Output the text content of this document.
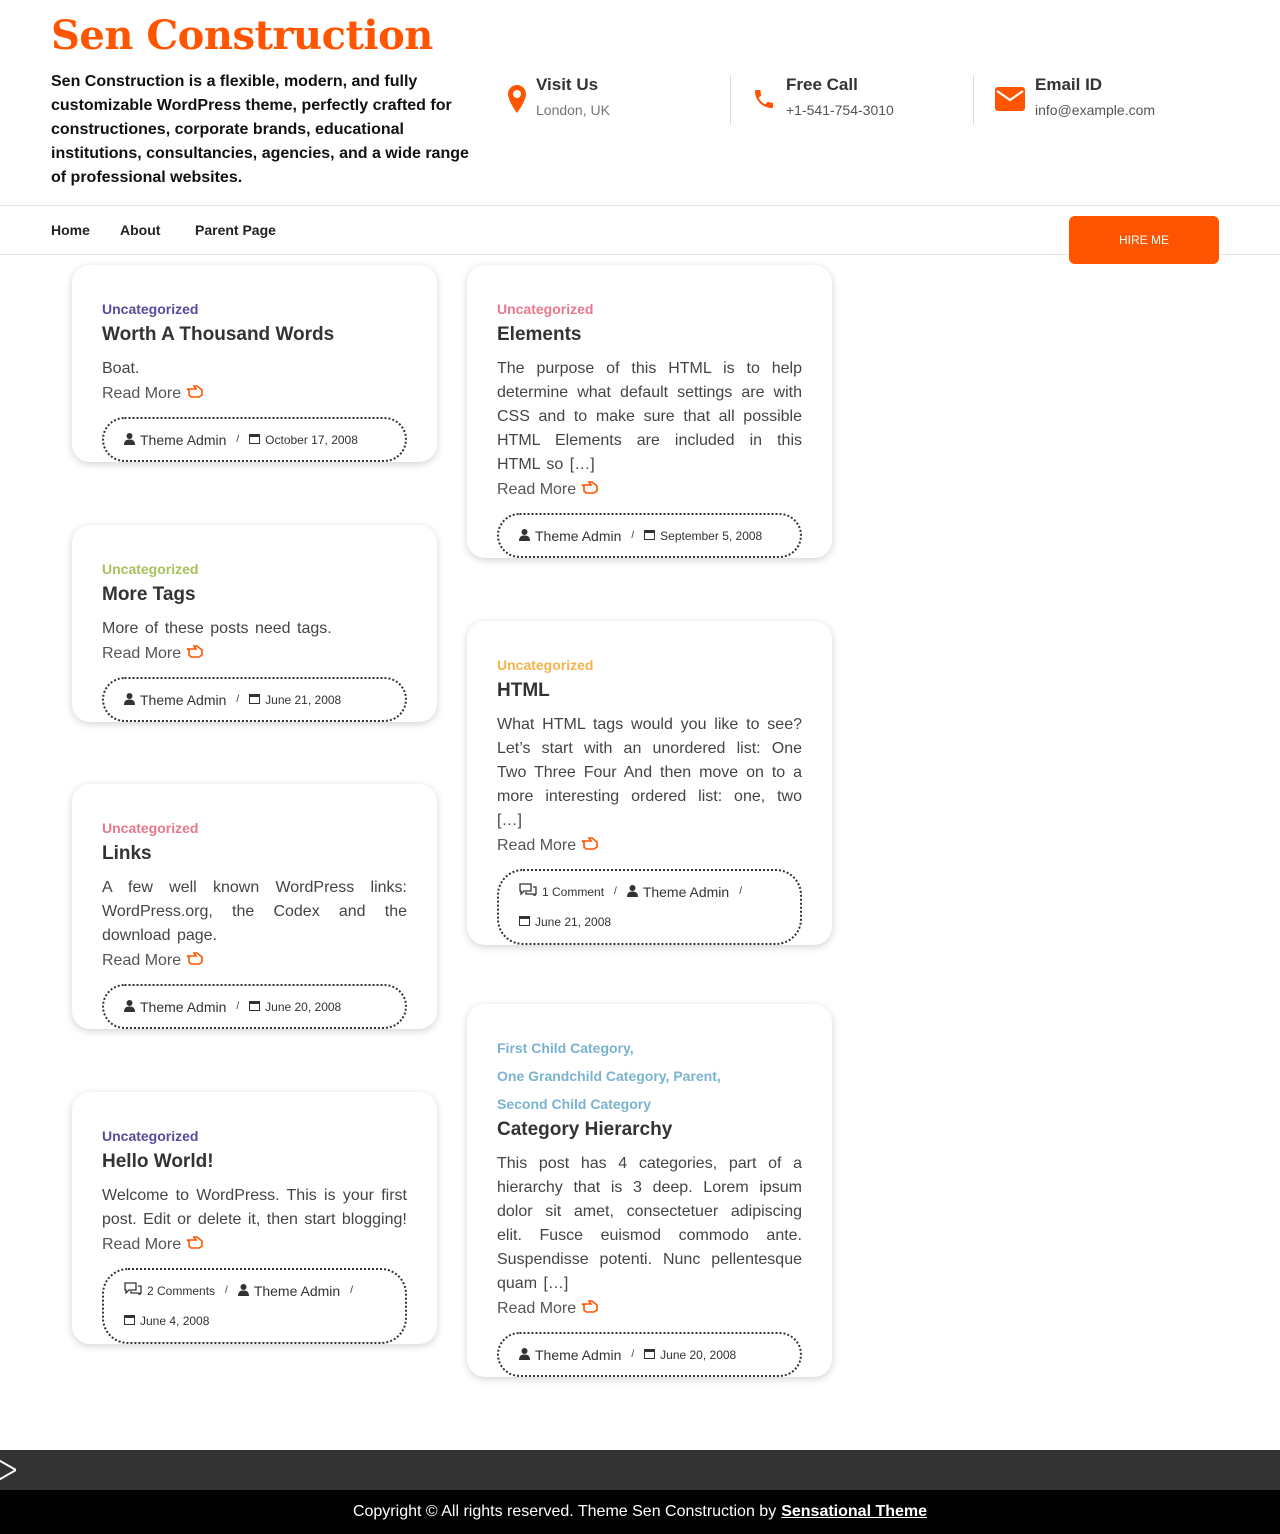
Sen Construction
Sen Construction is a flexible, modern, and fully customizable WordPress theme, perfectly crafted for constructiones, corporate brands, educational institutions, consultancies, agencies, and a wide range of professional websites.
Visit Us
London, UK
Free Call
+1-541-754-3010
Email ID
info@example.com
Home About Parent Page
HIRE ME
Uncategorized
Worth A Thousand Words
Boat.
Read More
Theme Admin / October 17, 2008
Uncategorized
More Tags
More of these posts need tags.
Read More
Theme Admin / June 21, 2008
Uncategorized
Links
A few well known WordPress links: WordPress.org, the Codex and the download page.
Read More
Theme Admin / June 20, 2008
Uncategorized
Hello World!
Welcome to WordPress. This is your first post. Edit or delete it, then start blogging!
Read More
2 Comments / Theme Admin /
June 4, 2008
Uncategorized
Elements
The purpose of this HTML is to help determine what default settings are with CSS and to make sure that all possible HTML Elements are included in this HTML so […]
Read More
Theme Admin / September 5, 2008
Uncategorized
HTML
What HTML tags would you like to see? Let’s start with an unordered list: One Two Three Four And then move on to a more interesting ordered list: one, two […]
Read More
1 Comment / Theme Admin /
June 21, 2008
First Child Category,
One Grandchild Category, Parent,
Second Child Category
Category Hierarchy
This post has 4 categories, part of a hierarchy that is 3 deep. Lorem ipsum dolor sit amet, consectetuer adipiscing elit. Fusce euismod commodo ante. Suspendisse potenti. Nunc pellentesque quam […]
Read More
Theme Admin / June 20, 2008
Copyright © All rights reserved. Theme Sen Construction by Sensational Theme
